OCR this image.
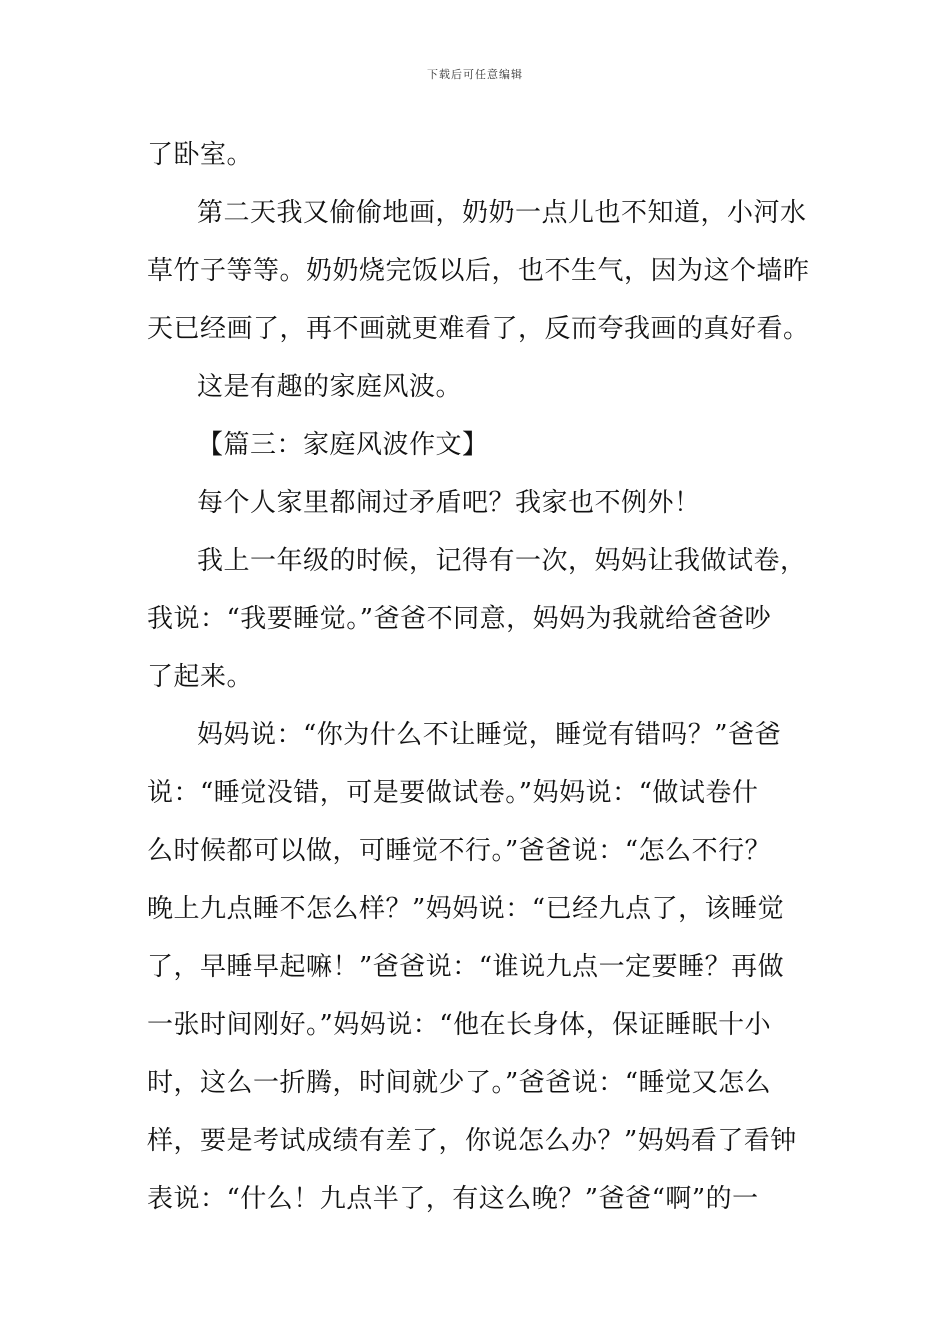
下载后可任意编辑
了卧室。
第二天我又偷偷地画，奶奶一点儿也不知道，小河水
草竹子等等。奶奶烧完饭以后，也不生气，因为这个墙昨
天已经画了，再不画就更难看了，反而夸我画的真好看。
这是有趣的家庭风波。
【篇三：家庭风波作文】
每个人家里都闹过矛盾吧？我家也不例外！
我上一年级的时候，记得有一次，妈妈让我做试卷，
我说：“我要睡觉。”爸爸不同意，妈妈为我就给爸爸吵
了起来。
妈妈说：“你为什么不让睡觉，睡觉有错吗？”爸爸
说：“睡觉没错，可是要做试卷。”妈妈说：“做试卷什
么时候都可以做，可睡觉不行。”爸爸说：“怎么不行？
晚上九点睡不怎么样？”妈妈说：“已经九点了，该睡觉
了，早睡早起嘛！”爸爸说：“谁说九点一定要睡？再做
一张时间刚好。”妈妈说：“他在长身体，保证睡眠十小
时，这么一折腾，时间就少了。”爸爸说：“睡觉又怎么
样，要是考试成绩有差了，你说怎么办？”妈妈看了看钟
表说：“什么！九点半了，有这么晚？”爸爸“啊”的一
